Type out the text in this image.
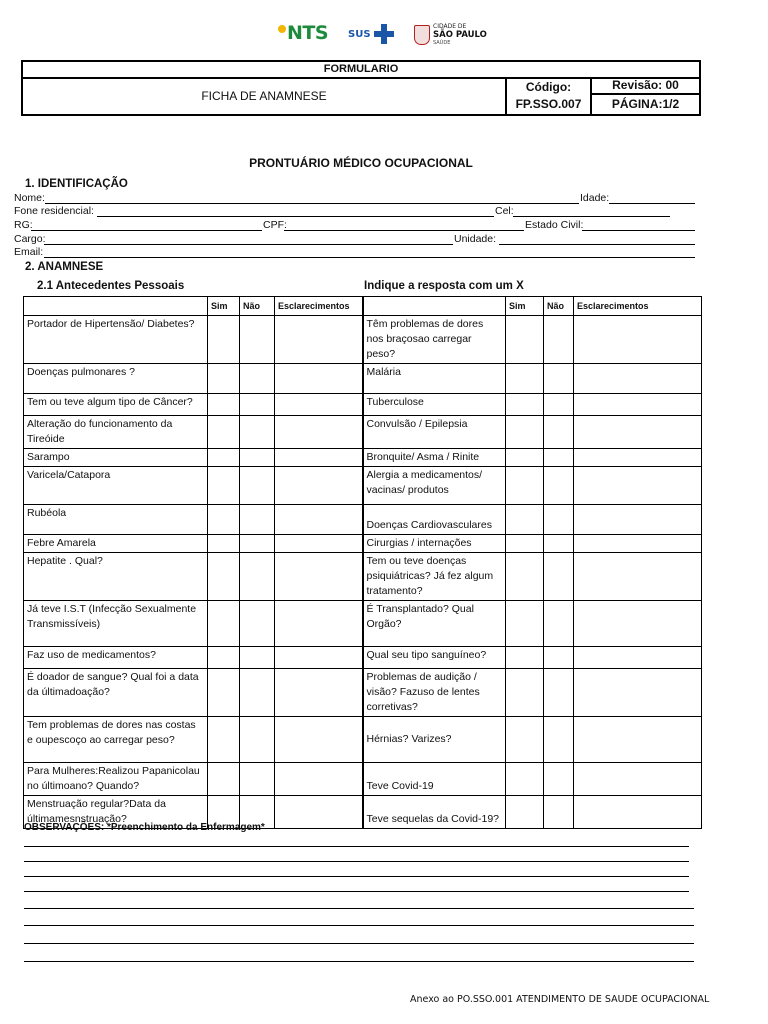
NTS SUS
CIDADE DE
SÃO PAULO
SAÚDE
FORMULARIO
FICHA DE ANAMNESE
Código:
FP.SSO.007
Revisão: 00
PÁGINA:1/2
PRONTUÁRIO MÉDICO OCUPACIONAL
1. IDENTIFICAÇÃO
Nome:	Idade:
Fone residencial:	Cel:
RG:	CPF:	Estado Civil:
Cargo:	Unidade:
Email:
2. ANAMNESE
2.1 Antecedentes Pessoais	Indique a resposta com um X
	Sim	Não	Esclarecimentos		Sim	Não	Esclarecimentos
Portador de Hipertensão/ Diabetes?				Têm problemas de dores nos braçosao carregar peso?			
Doenças pulmonares ?				Malária			
Tem ou teve algum tipo de Câncer?				Tuberculose			
Alteração do funcionamento da Tireóide				Convulsão / Epilepsia			
Sarampo				Bronquite/ Asma / Rinite			
Varicela/Catapora				Alergia a medicamentos/ vacinas/ produtos			
Rubéola				Doenças Cardiovasculares			
Febre Amarela				Cirurgias / internações			
Hepatite . Qual?				Tem ou teve doenças psiquiátricas? Já fez algum tratamento?			
Já teve I.S.T (Infecção Sexualmente Transmissíveis)				É Transplantado? Qual Orgão?			
Faz uso de medicamentos?				Qual seu tipo sanguíneo?			
É doador de sangue? Qual foi a data da últimadoação?				Problemas de audição / visão? Fazuso de lentes corretivas?			
Tem problemas de dores nas costas e oupescoço ao carregar peso?				Hérnias? Varizes?			
Para Mulheres:Realizou Papanicolau no últimoano? Quando?				Teve Covid-19			
Menstruação regular?Data da últimamesnstruação?				Teve sequelas da Covid-19?			
OBSERVAÇÕES: *Preenchimento da Enfermagem*
Anexo ao PO.SSO.001 ATENDIMENTO DE SAÚDE OCUPACIONAL
